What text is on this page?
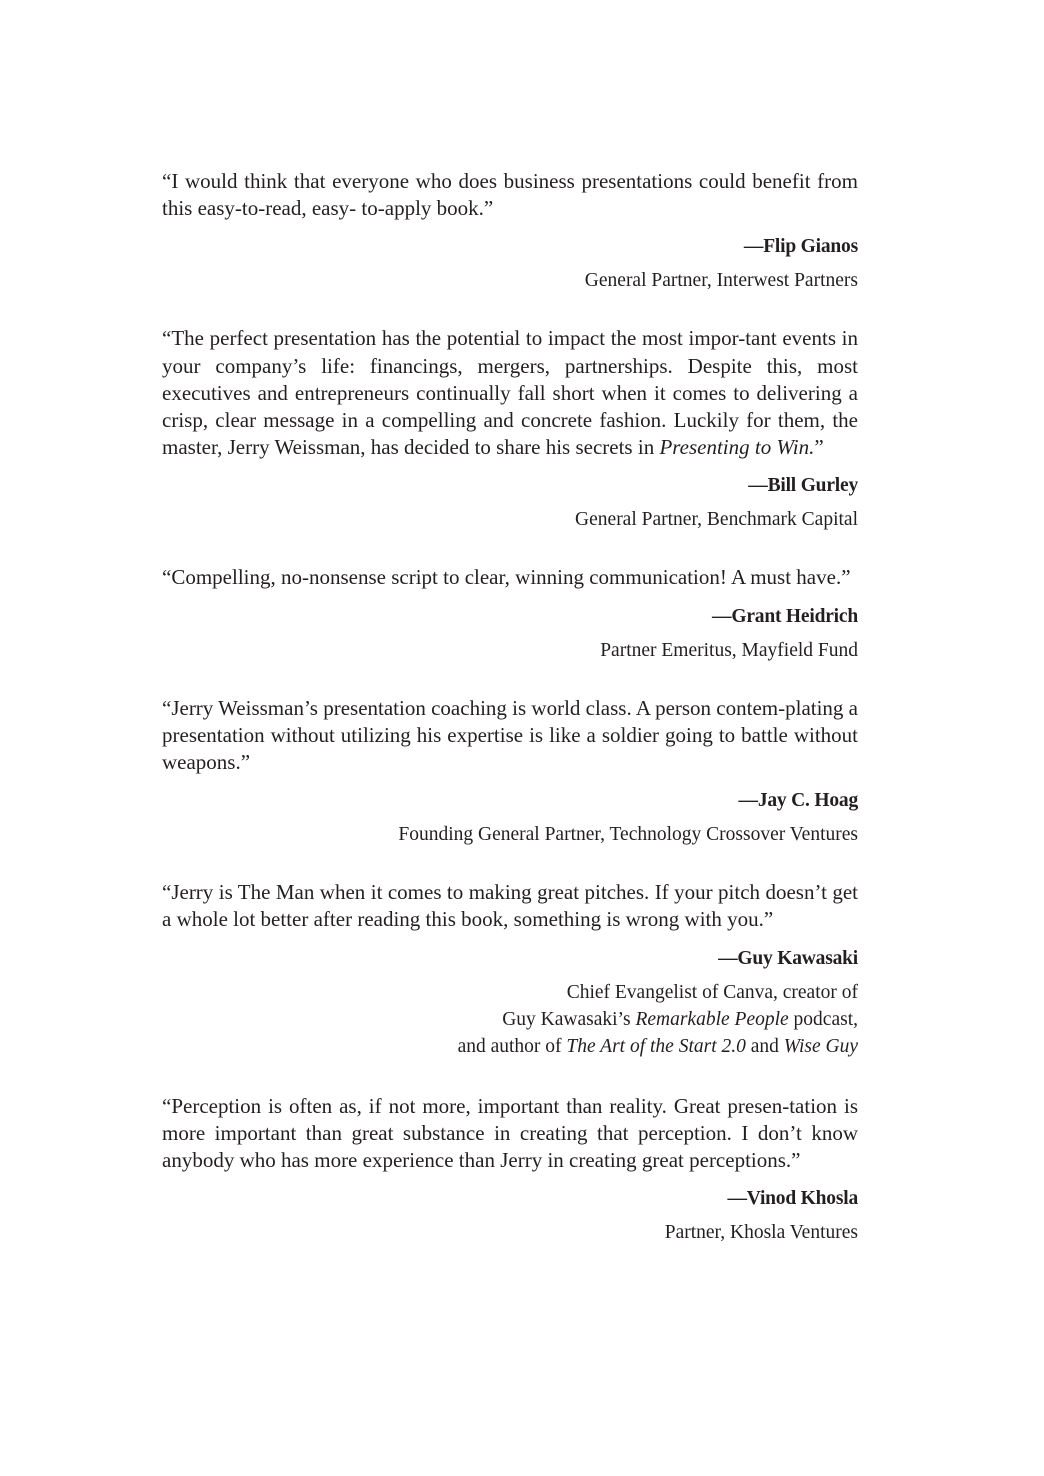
“I would think that everyone who does business presentations could benefit from this easy-to-read, easy- to-apply book.”

—Flip Gianos
General Partner, Interwest Partners

“The perfect presentation has the potential to impact the most impor-tant events in your company’s life: financings, mergers, partnerships. Despite this, most executives and entrepreneurs continually fall short when it comes to delivering a crisp, clear message in a compelling and concrete fashion. Luckily for them, the master, Jerry Weissman, has decided to share his secrets in Presenting to Win.”

—Bill Gurley
General Partner, Benchmark Capital

“Compelling, no-nonsense script to clear, winning communication! A must have.”

—Grant Heidrich
Partner Emeritus, Mayfield Fund

“Jerry Weissman’s presentation coaching is world class. A person contem-plating a presentation without utilizing his expertise is like a soldier going to battle without weapons.”

—Jay C. Hoag
Founding General Partner, Technology Crossover Ventures

“Jerry is The Man when it comes to making great pitches. If your pitch doesn’t get a whole lot better after reading this book, something is wrong with you.”

—Guy Kawasaki
Chief Evangelist of Canva, creator of
Guy Kawasaki’s Remarkable People podcast,
and author of The Art of the Start 2.0 and Wise Guy

“Perception is often as, if not more, important than reality. Great presen-tation is more important than great substance in creating that perception. I don’t know anybody who has more experience than Jerry in creating great perceptions.”

—Vinod Khosla
Partner, Khosla Ventures
